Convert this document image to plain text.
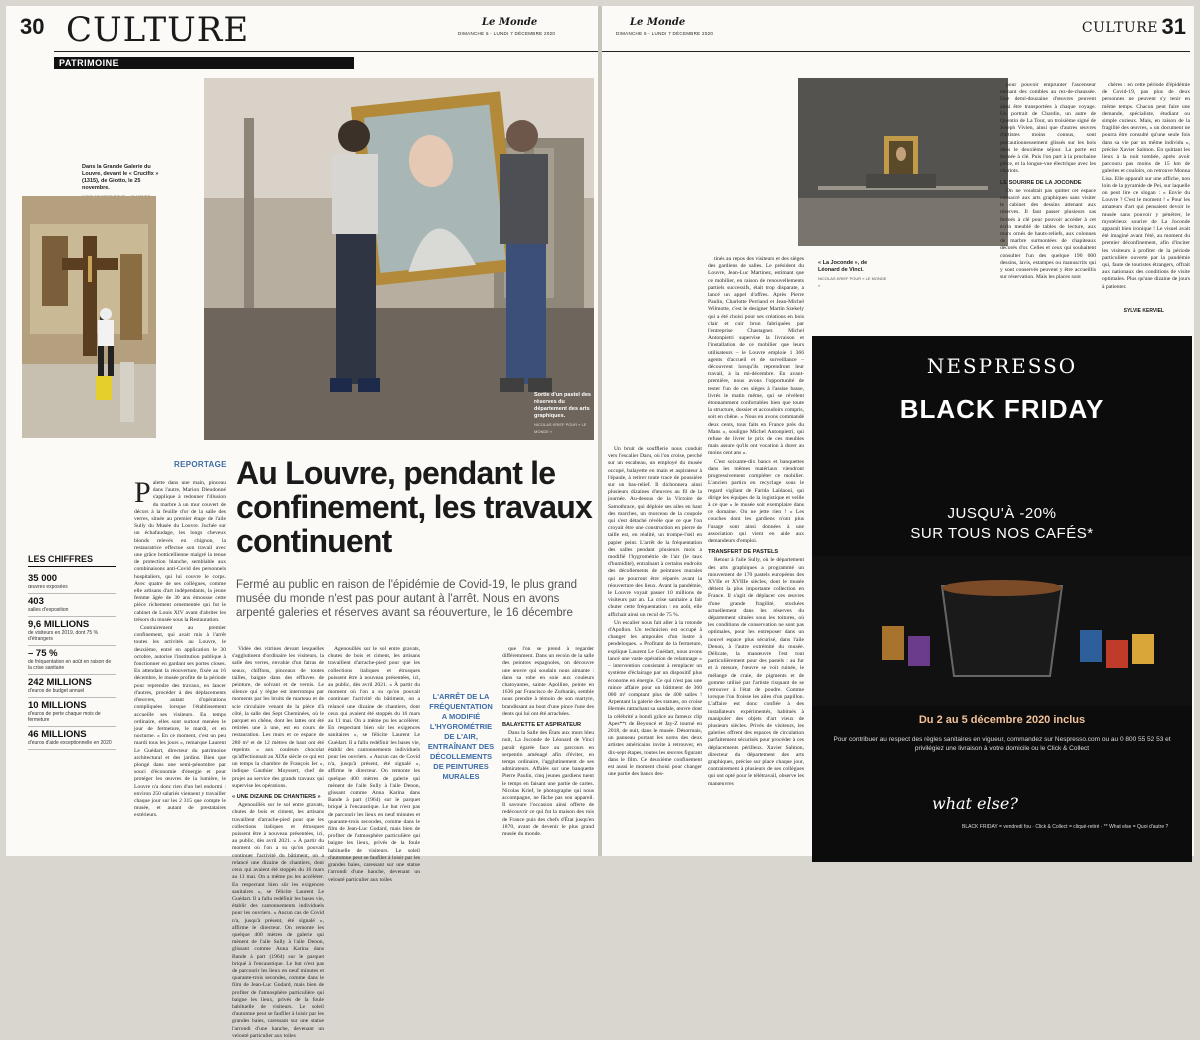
30 CULTURE	Le Monde
DIMANCHE 6 - LUNDI 7 DÉCEMBRE 2020
PATRIMOINE
Dans la Grande Galerie du Louvre, devant le « Crucifix » (1315), de Giotto, le 25 novembre.
Sortie d'un pastel des réserves du département des arts graphiques.
NICOLAS KRIEF POUR « LE MONDE »
REPORTAGE Au Louvre, pendant le confinement, les travaux continuent
Fermé au public en raison de l'épidémie de Covid-19, le plus grand musée du monde n'est pas pour autant à l'arrêt. Nous en avons arpenté galeries et réserves avant sa réouverture, le 16 décembre

Palette dans une main, pinceau dans l'autre, Marion Dieudonné s'applique à redonner l'illusion du marbre à un mur couvert de décors à la feuille d'or de la salle des verres, située au premier étage de l'aile Sully du Musée du Louvre. Juchée sur un échafaudage, les longs cheveux blonds relevés en chignon, la restauratrice effectue son travail avec une grâce botticellienne malgré la tenue de protection blanche, semblable aux combinaisons anti-Covid des personnels hospitaliers, qui lui couvre le corps. Avec quatre de ses collègues, comme elle artisans d'art indépendants, la jeune femme âgée de 30 ans émousse cette pièce richement ornementée qui fut le cabinet de Louis XIV avant d'abriter les trésors du musée sous la Restauration.

Contrairement au premier confinement, qui avait mis à l'arrêt toutes les activités au Louvre, le deuxième, entré en application le 30 octobre, autorise l'institution publique à fonctionner en gardant ses portes closes. En attendant la réouverture, fixée au 16 décembre, le musée profite de la période pour reprendre des travaux, en lancer d'autres, procéder à des déplacements d'œuvres, autant d'opérations compliquées lorsque l'établissement accueille ses visiteurs. En temps ordinaire, elles sont surtout menées le jour de fermeture, le mardi, et en nocturne. « En ce moment, c'est un peu mardi tous les jours », remarque Laurent Le Guédart, directeur du patrimoine architectural et des jardins. Bien que plongé dans une semi-pénombre par souci d'économie d'énergie et pour protéger les œuvres de la lumière, le Louvre n'a donc rien d'un bel endormi : environ 250 salariés viennent y travailler chaque jour sur les 2 315 que compte le musée, et autant de prestataires extérieurs.

LES CHIFFRES
35 000
œuvres exposées
403
salles d'exposition
9,6 MILLIONS
de visiteurs en 2019, dont 75 % d'étrangers
– 75 %
de fréquentation en août en raison de la crise sanitaire
242 MILLIONS
d'euros de budget annuel
10 MILLIONS
d'euros de perte chaque mois de fermeture
46 MILLIONS
d'euros d'aide exceptionnelle en 2020

Vidée des vitrines devant lesquelles s'agglutinent d'ordinaire les visiteurs, la salle des verres, envahie d'un fatras de seaux, chiffons, pinceaux de toutes tailles, baigne dans des effluves de peinture, de solvant et de vernis. Le silence qui y règne est interrompu par moments par les bruits de marteau et de scie circulaire venant de la pièce d'à côté, la salle des Sept Cheminées, où le parquet en chêne, dont les lattes ont été retirées une à une, est en cours de restauration. Les murs et ce espace de 280 m² et de 12 mètres de haut ont été repeints « aux couleurs chocolat qu'affectionnait au XIXe siècle ce qui est un temps la chambre de François Ier », indique Gauthier Moyssert, chef de projet au service des grands travaux qui supervise les opérations.

« UNE DIZAINE DE CHANTIERS »

Agenouillés sur le sol entre gravats, chutes de bois et ciment, les artisans travaillent d'arrache-pied pour que les collections italiques et étrusques puissent être à nouveau présentées, ici, au public, dès avril 2021. « À partir du moment où l'on a su qu'on pouvait continuer l'activité du bâtiment, on a relancé une dizaine de chantiers, dont ceux qui avaient été stoppés du 16 mars au 11 mai. On a même pu les accélérer. En respectant bien sûr les exigences sanitaires », se félicite Laurent Le Guédart. Il a fallu redéfinir les bases vie, établir des cantonnements individuels pour les ouvriers. « Aucun cas de Covid n'a, jusqu'à présent, été signalé », affirme le directeur. On remonte les quelque 400 mètres de galerie qui mènent de l'aile Sully à l'aile Denon, glissant comme Anna Karina dans Bande à part (1964) sur le parquet briqué à l'encaustique. Le but n'est pas de parcourir les lieux en neuf minutes et quarante-trois secondes, comme dans le film de Jean-Luc Godard, mais bien de profiter de l'atmosphère particulière qui baigne les lieux, privés de la foule habituelle de visiteurs. Le soleil d'automne peut se faufiler à loisir par les grandes baies, caressant sur une statue l'arrondi d'une hanche, devenant un velouté particulier aux toiles

Agenouillés sur le sol entre gravats, chutes de bois et ciment, les artisans travaillent d'arrache-pied pour que les collections italiques et étrusques puissent être à nouveau présentées, ici, au public, dès avril 2021. « À partir du moment où l'on a su qu'on pouvait continuer l'activité du bâtiment, on a relancé une dizaine de chantiers, dont ceux qui avaient été stoppés du 16 mars au 11 mai. On a même pu les accélérer. En respectant bien sûr les exigences sanitaires », se félicite Laurent Le Guédart. Il a fallu redéfinir les bases vie, établir des cantonnements individuels pour les ouvriers. « Aucun cas de Covid n'a, jusqu'à présent, été signalé », affirme le directeur. On remonte les quelque 400 mètres de galerie qui mènent de l'aile Sully à l'aile Denon, glissant comme Anna Karina dans Bande à part (1964) sur le parquet briqué à l'encaustique. Le but n'est pas de parcourir les lieux en neuf minutes et quarante-trois secondes, comme dans le film de Jean-Luc Godard, mais bien de profiter de l'atmosphère particulière qui baigne les lieux, privés de la foule habituelle de visiteurs. Le soleil d'automne peut se faufiler à loisir par les grandes baies, caressant sur une statue l'arrondi d'une hanche, devenant un velouté particulier aux toiles

L'ARRÊT DE LA FRÉQUENTATION A MODIFIÉ L'HYGROMÉTRIE DE L'AIR, ENTRAÎNANT DES DÉCOLLEMENTS DE PEINTURES MURALES

que l'on se prend à regarder différemment. Dans un recoin de la salle des peintres espagnoles, on découvre une œuvre qui soudain nous aimante : dans sa robe en soie aux couleurs chatoyantes, sainte Apolline, peinte en 1636 par Francisco de Zurbarán, semble nous prendre à témoin de son martyre, brandissant au bout d'une pince l'une des dents qui lui ont été arrachées.

BALAYETTE ET ASPIRATEUR

Dans la Salle des États aux murs bleu nuit, La Joconde de Léonard de Vinci paraît égarée face au parcours en serpentin aménagé afin d'éviter, en temps ordinaire, l'agglutinement de ses admirateurs. Affalés sur une banquette Pierre Paulin, cinq jeunes gardiens tuent le temps en faisant une partie de cartes. Nicolas Krief, le photographe qui nous accompagne, ne fâche pas son appareil. Il savoure l'occasion ainsi offerte de redécouvrir ce qui fut la maison des rois de France puis des chefs d'État jusqu'en 1870, avant de devenir le plus grand musée du monde.

Le Monde
DIMANCHE 6 - LUNDI 7 DÉCEMBRE 2020	CULTURE 31

Un bruit de soufflerie nous conduit vers l'escalier Daru, où l'on croise, perché sur un escabeau, un employé du musée occupé, balayette en main et aspirateur à l'épaule, à retirer toute trace de poussière sur un bas-relief. Il dichonnera ainsi plusieurs dizaines d'œuvres au fil de la journée. Au-dessus de la Victoire de Samothrace, qui déploie ses ailes en haut des marches, un morceau de la coupole qui s'est détaché révèle que ce que l'on croyait être une construction en pierre de taille est, en réalité, un trompe-l'œil en papier peint. L'arrêt de la fréquentation des salles pendant plusieurs mois a modifié l'hygrométrie de l'air (le taux d'humidité), entraînant à certains endroits des décollements de peintures murales qui ne pourront être réparés avant la réouverture des lieux. Avant la pandémie, le Louvre voyait passer 10 millions de visiteurs par an. La crise sanitaire a fait chuter cette fréquentation : en août, elle affichait ainsi un recul de 75 %.

Un escalier nous fait aller à la rotonde d'Apollon. Un technicien est occupé à changer les ampoules d'un lustre à pendeloques. « Profitant de la fermeture, explique Laurent Le Guédart, nous avons lancé une vaste opération de relamnage » – intervention consistant à remplacer un système d'éclairage par un dispositif plus économe en énergie. Ce qui n'est pas une mince affaire pour un bâtiment de 360 000 m² comptant plus de 400 salles ! Arpentant la galerie des statues, on croise Hermès rattachant sa sandale, œuvre dont la célébrité a bondi grâce au fameux clip Apes**t de Beyoncé et Jay-Z tourné en 2018, de nuit, dans le musée. Désormais, un panneau portant les noms des deux artistes américains invite à retrouver, en dix-sept étapes, toutes les œuvres figurant dans le film. Ce deuxième confinement est aussi le moment choisi pour changer une partie des bancs des-

tinés au repos des visiteurs et des sièges des gardiens de salles. Le président du Louvre, Jean-Luc Martinez, estimant que ce mobilier, en raison de renouvellements partiels successifs, était trop disparate, a lancé un appel d'offres. Après Pierre Paulin, Charlotte Perriand et Jean-Michel Wilmotte, c'est le designer Martin Szekely qui a été choisi pour ses créations en bois clair et cuir brun fabriquées par l'entreprise Chastagner. Michel Antonpietri supervise la livraison et l'installation de ce mobilier que leurs utilisateurs – le Louvre emploie 1 366 agents d'accueil et de surveillance – découvrent lorsqu'ils reprendront leur travail, à la mi-décembre. En avant-première, nous avons l'opportunité de tester l'un de ces sièges à l'assise basse, livrés le matin même, qui se révèlent étonnamment confortables bien que toute la structure, dossier et accoudoirs compris, soit en chêne. « Nous en avons commandé deux cents, tous faits en France près du Mans », souligne Michel Antonpietri, qui refuse de livrer le prix de ces meubles mais assure qu'ils ont vocation à durer au moins cent ans ».

C'est soixante-dix bancs et banquettes dans les mêmes matériaux viendront progressivement compléter ce mobilier. L'ancien partira en recyclage sous le regard vigilant de Farida Laïdaoui, qui dirige les équipes de la logistique et veille à ce que « le musée soit exemplaire dans ce domaine. On ne jette rien ! » Les couches dont les gardiens n'ont plus l'usage sont ainsi données à une association qui vient en aide aux demandeurs d'emploi.

TRANSFERT DE PASTELS

Retour à l'aile Sully, où le département des arts graphiques a programmé un mouvement de 170 pastels européens des XVIIe et XVIIIe siècles, dont le musée détient la plus importante collection en France. Il s'agit de déplacer ces œuvres d'une grande fragilité, stockées actuellement dans les réserves du département situées sous les toitures, où les conditions de conservation ne sont pas optimales, pour les entreposer dans un nouvel espace plus sécurisé, dans l'aile Denon, à l'autre extrémité du musée. Délicate, la manœuvre l'est tout particulièrement pour des pastels : au fur et à mesure, l'œuvre se voit ruinée, le mélange de craie, de pigments et de gomme utilisé par l'artiste risquant de se retrouver à l'état de poudre. Comme lorsque l'on froisse les ailes d'un papillon. L'affaire est donc confiée à des installateurs expérimentés, habitués à manipuler des objets d'art vieux de plusieurs siècles. Privés de visiteurs, les galeries offrent des espaces de circulation parfaitement sécurisés pour procéder à ces déplacements périlleux. Xavier Salmon, directeur du département des arts graphiques, précise sur place chaque jour, contrairement à plusieurs de ses collègues qui ont opté pour le télétravail, observe les manœuvres

« La Joconde », de Léonard de Vinci.
NICOLAS KRIEF POUR « LE MONDE »

pour pouvoir emprunter l'ascenseur menant des combles au rez-de-chaussée. Une demi-douzaine d'œuvres peuvent ainsi être transportées à chaque voyage. Un portrait de Chardin, un autre de Quentin de La Tour, un troisième signé de Joseph Vivien, ainsi que d'autres œuvres d'artistes moins connus, sont précautionneusement glissés sur les bois dans le deuxième séjour. La porte est fermée à clé. Puis l'on part à la prochaine pièce, et la longue-vue électrique avec les chariots.

LE SOURIRE DE LA JOCONDE

On ne voudrait pas quitter cet espace consacré aux arts graphiques sans visiter le cabinet des dessins attenant aux réserves. Il faut passer plusieurs sas fermés à clé pour pouvoir accéder à cet écrin meublé de tables de lecture, aux murs ornés de hauts-reliefs, aux colonnes de marbre surmontées de chapiteaux décorés d'or. Celles et ceux qui souhaitent consulter l'un des quelque 190 000 dessins, lavis, estampes ou manuscrits qui y sont conservés peuvent y être accueillis sur réservation. Mais les places sont

chères : en cette période d'épidémie de Covid-19, pas plus de deux personnes ne peuvent s'y tenir en même temps. Chacun peut faire une demande, spécialiste, étudiant ou simple curieux. Mais, en raison de la fragilité des œuvres, « un document ne pourra être consulté qu'une seule fois dans sa vie par un même individu », précise Xavier Salmon. En quittant les lieux à la nuit tombée, après avoir parcouru pas moins de 15 km de galeries et couloirs, on retrouve Monna Lisa. Elle apparaît sur une affiche, non loin de la pyramide de Pei, sur laquelle on peut lire ce slogan : « Envie du Louvre ? C'est le moment ! » Pour les amateurs d'art qui pensaient devoir le musée sans pouvoir y pénétrer, le mystérieux sourire de La Joconde apparaît bien ironique ! Le visuel avait été imaginé avant l'été, au moment du premier déconfinement, afin d'inciter les visiteurs à profiter de la période particulière ouverte par la pandémie qui, faute de touristes étrangers, offrait aux nationaux des conditions de visite optimales. Plus qu'une dizaine de jours à patienter.

SYLVIE KERVIEL
NESPRESSO
BLACK FRIDAY
JUSQU'À -20%
SUR TOUS NOS CAFÉS*
Du 2 au 5 décembre 2020 inclus
Pour contribuer au respect des règles sanitaires en vigueur, commandez sur Nespresso.com ou au 0 800 55 52 53 et privilégiez une livraison à votre domicile ou le Click & Collect
what else?
BLACK FRIDAY = vendredi fou · Click & Collect = cliqué-retiré · ** What else = Quoi d'autre ?
